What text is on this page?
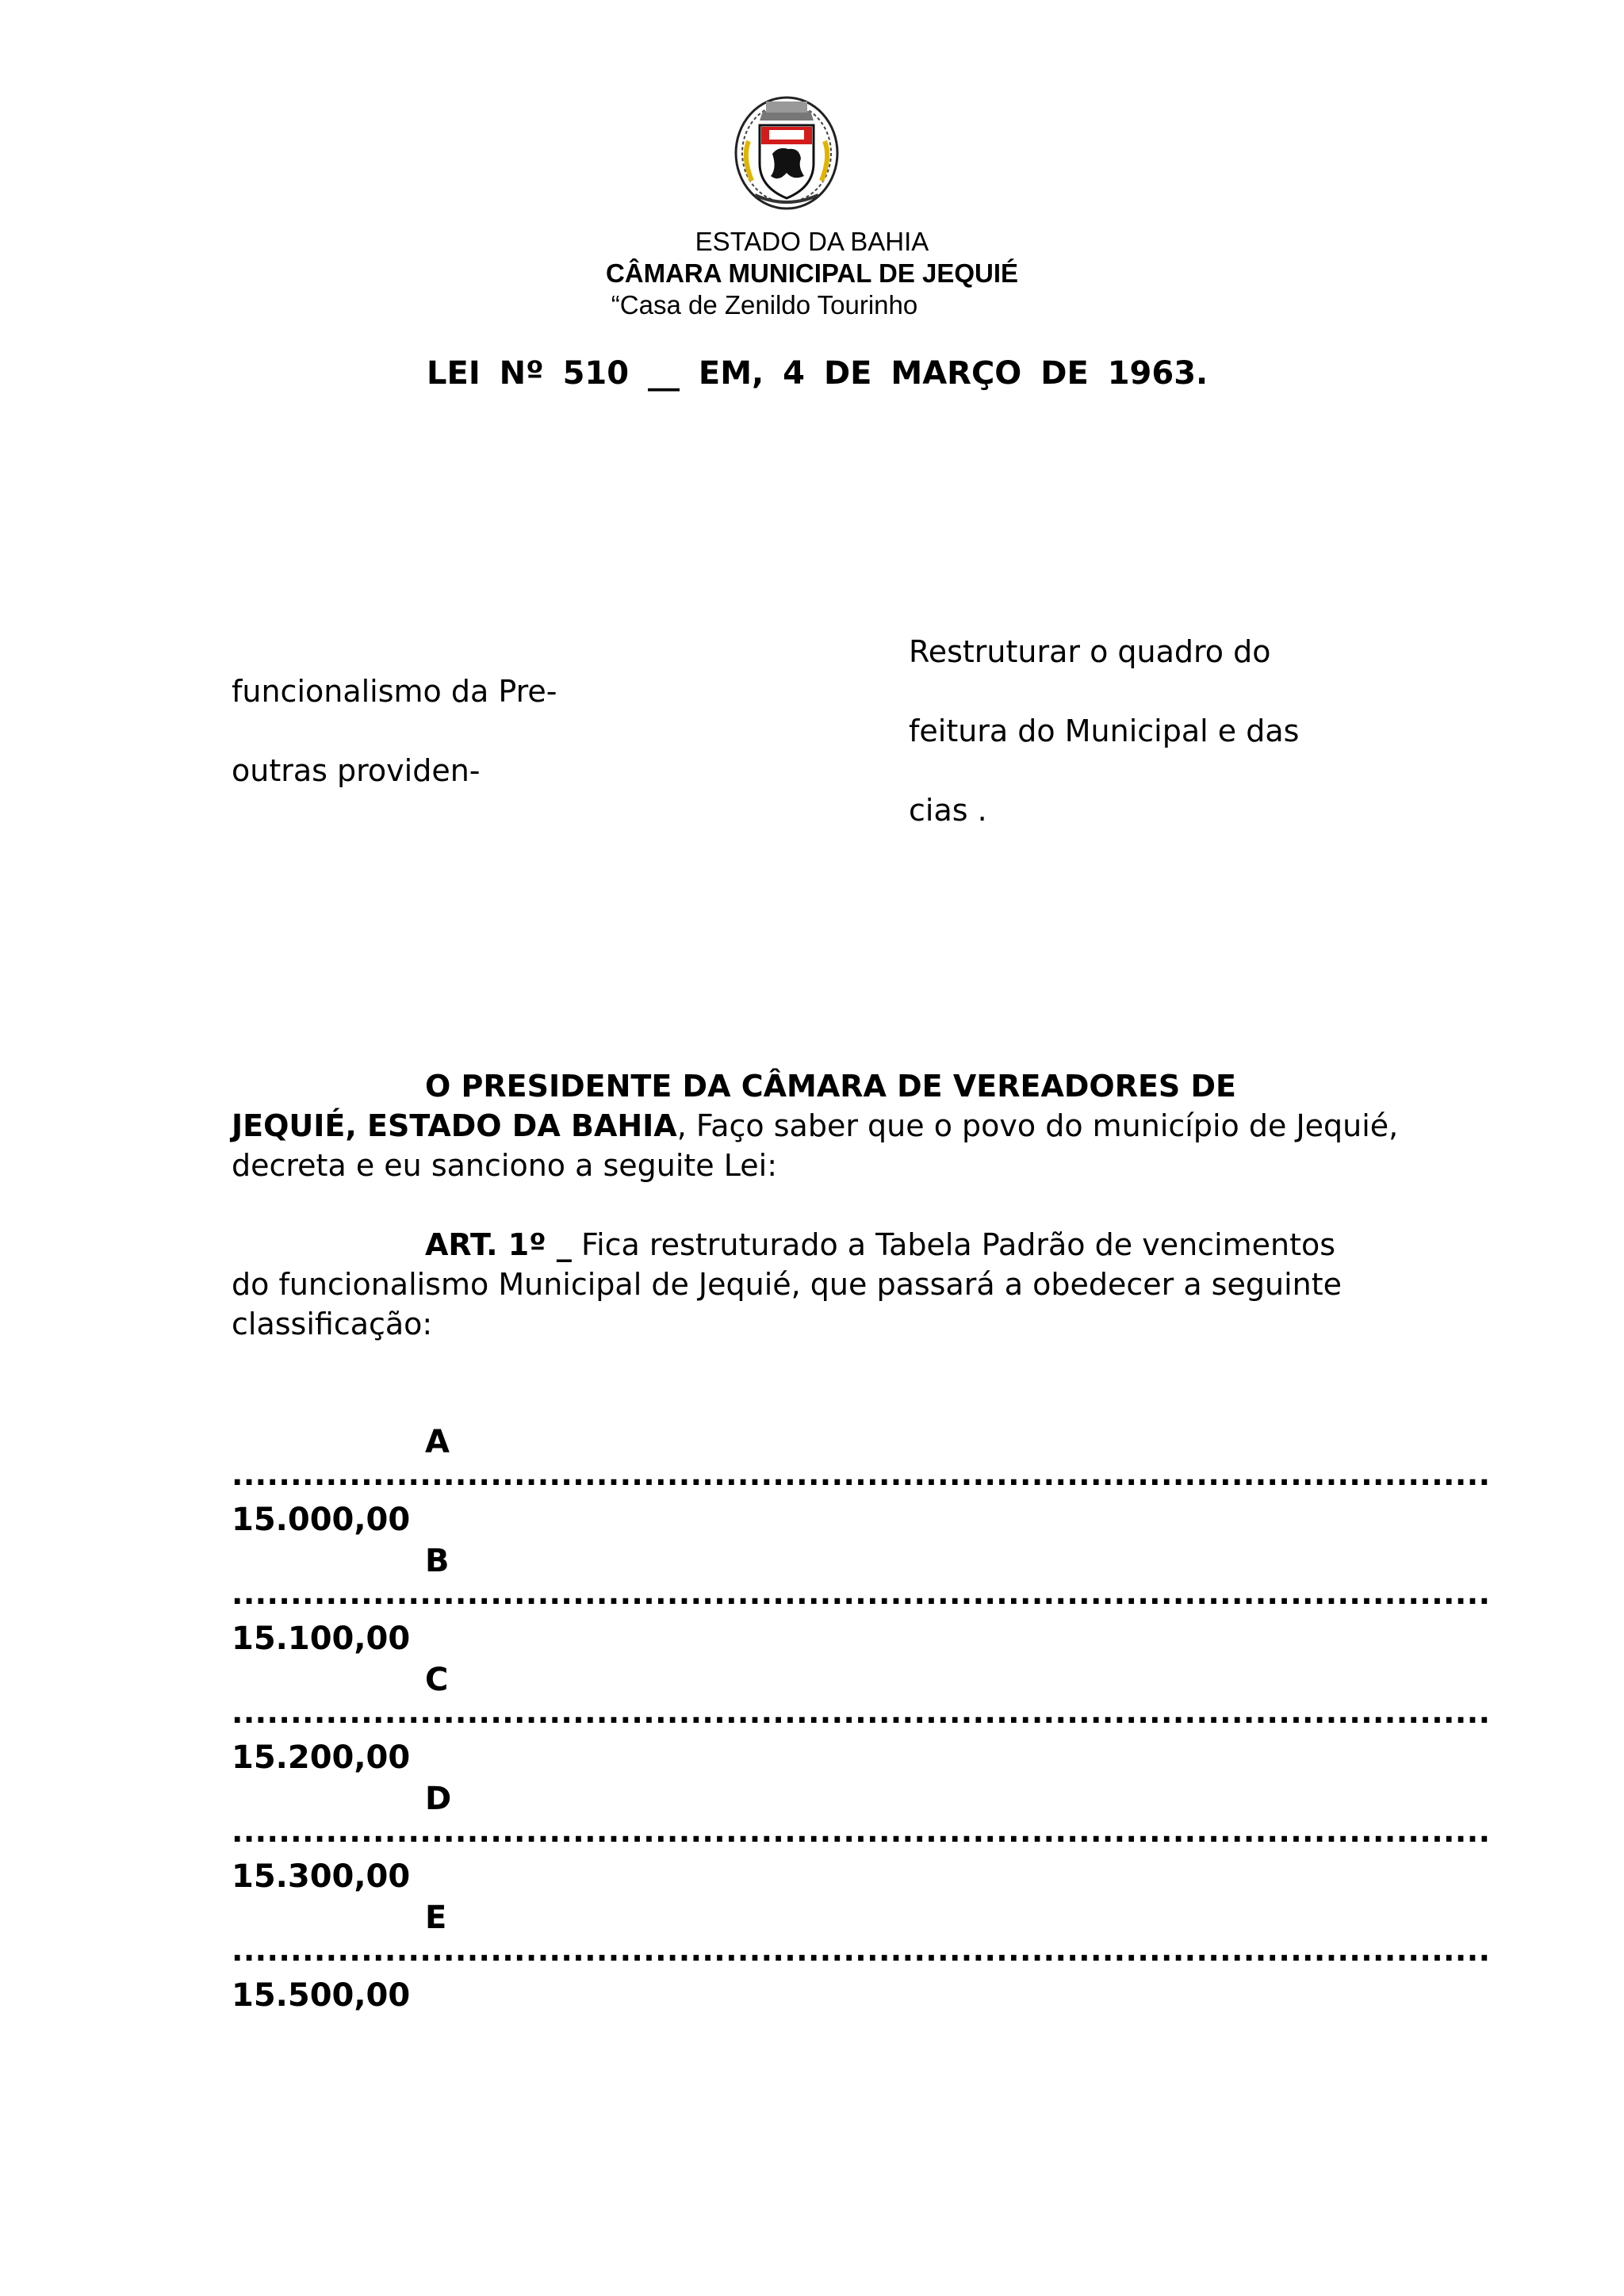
ESTADO DA BAHIA
CÂMARA MUNICIPAL DE JEQUIÉ
“Casa de Zenildo Tourinho
LEI Nº 510 __ EM, 4 DE MARÇO DE 1963.
Restruturar o quadro do
funcionalismo da Pre-
feitura do Municipal e das
outras providen-
cias .
O PRESIDENTE DA CÂMARA DE VEREADORES DE
JEQUIÉ, ESTADO DA BAHIA, Faço saber que o povo do município de Jequié,
decreta e eu sanciono a seguite Lei:
ART. 1º _ Fica restruturado a Tabela Padrão de vencimentos
do funcionalismo Municipal de Jequié, que passará a obedecer a seguinte
classificação:
A
...........................................................................................................
15.000,00
B
...........................................................................................................
15.100,00
C
...........................................................................................................
15.200,00
D
...........................................................................................................
15.300,00
E
...........................................................................................................
15.500,00
